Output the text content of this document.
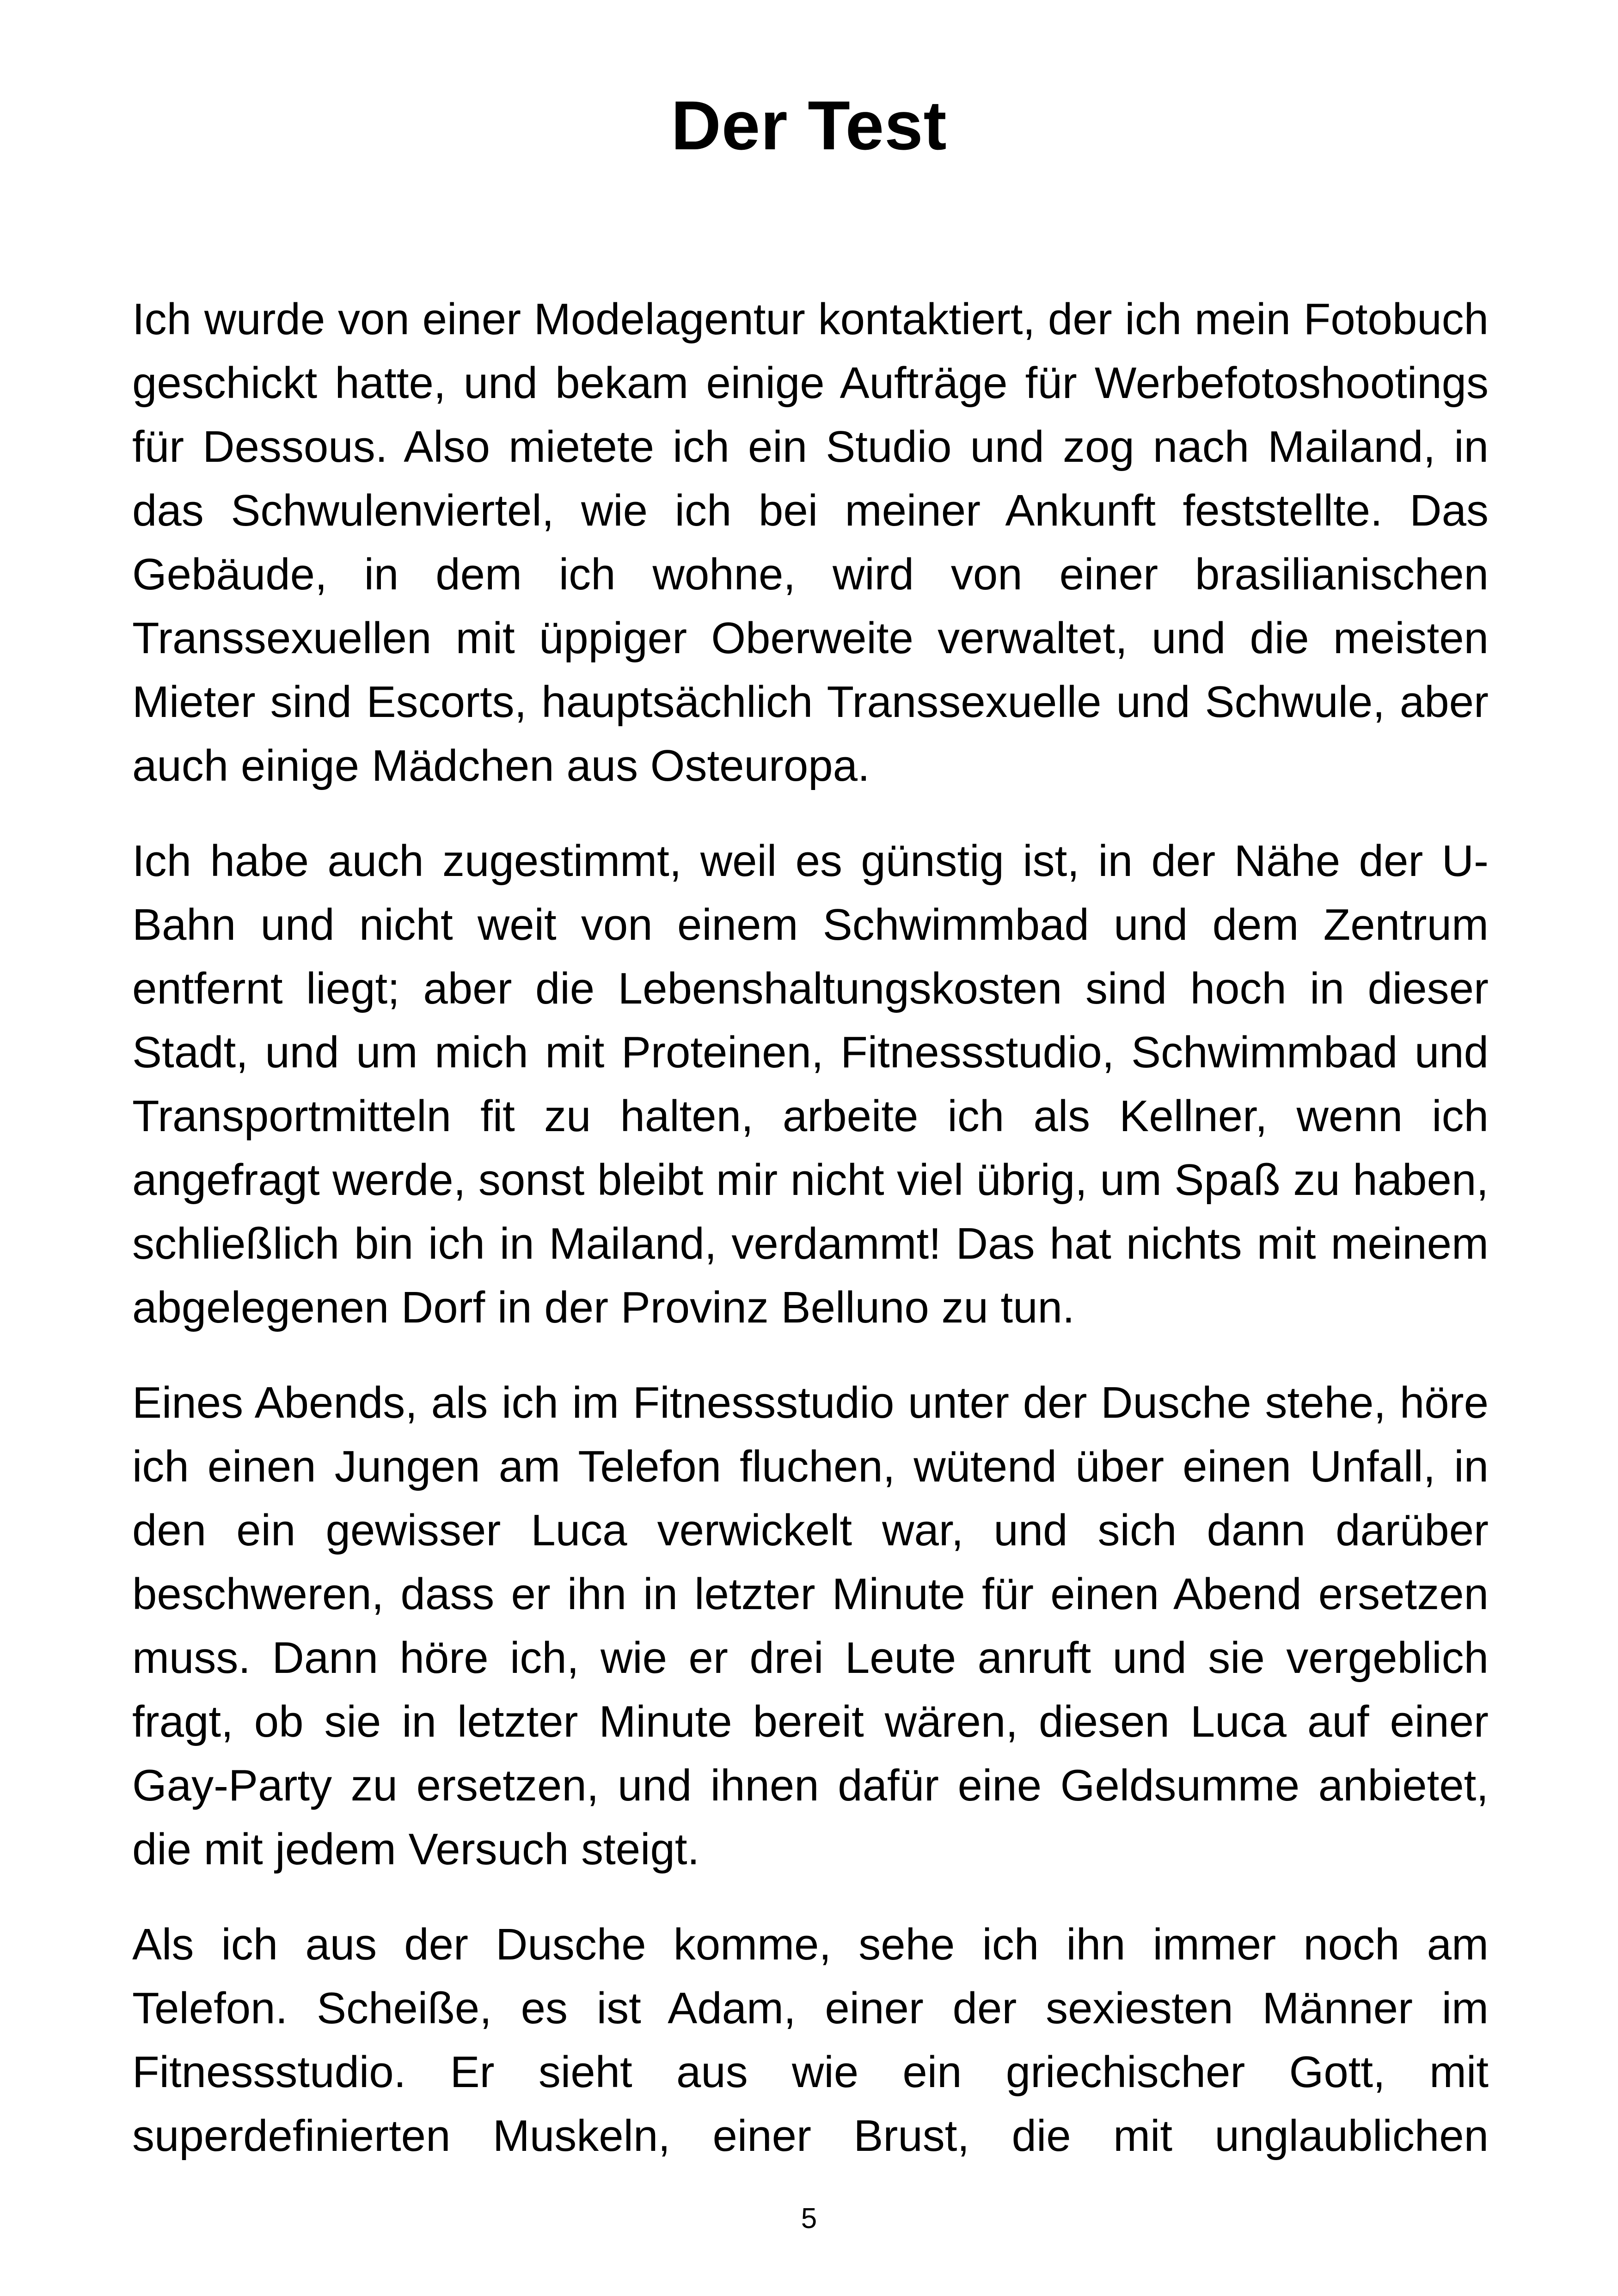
Der Test

Ich wurde von einer Modelagentur kontaktiert, der ich mein Fotobuch geschickt hatte, und bekam einige Aufträge für Werbefotoshootings für Dessous. Also mietete ich ein Studio und zog nach Mailand, in das Schwulenviertel, wie ich bei meiner Ankunft feststellte. Das Gebäude, in dem ich wohne, wird von einer brasilianischen Transsexuellen mit üppiger Oberweite verwaltet, und die meisten Mieter sind Escorts, hauptsächlich Transsexuelle und Schwule, aber auch einige Mädchen aus Osteuropa.

Ich habe auch zugestimmt, weil es günstig ist, in der Nähe der U-Bahn und nicht weit von einem Schwimmbad und dem Zentrum entfernt liegt; aber die Lebenshaltungskosten sind hoch in dieser Stadt, und um mich mit Proteinen, Fitnessstudio, Schwimmbad und Transportmitteln fit zu halten, arbeite ich als Kellner, wenn ich angefragt werde, sonst bleibt mir nicht viel übrig, um Spaß zu haben, schließlich bin ich in Mailand, verdammt! Das hat nichts mit meinem abgelegenen Dorf in der Provinz Belluno zu tun.

Eines Abends, als ich im Fitnessstudio unter der Dusche stehe, höre ich einen Jungen am Telefon fluchen, wütend über einen Unfall, in den ein gewisser Luca verwickelt war, und sich dann darüber beschweren, dass er ihn in letzter Minute für einen Abend ersetzen muss. Dann höre ich, wie er drei Leute anruft und sie vergeblich fragt, ob sie in letzter Minute bereit wären, diesen Luca auf einer Gay-Party zu ersetzen, und ihnen dafür eine Geldsumme anbietet, die mit jedem Versuch steigt.

Als ich aus der Dusche komme, sehe ich ihn immer noch am Telefon. Scheiße, es ist Adam, einer der sexiesten Männer im Fitnessstudio. Er sieht aus wie ein griechischer Gott, mit superdefinierten Muskeln, einer Brust, die mit unglaublichen

5
